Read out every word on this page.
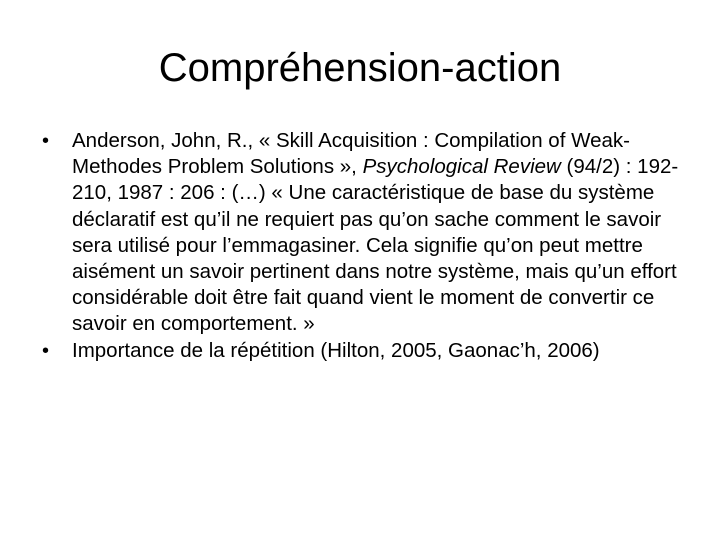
Compréhension-action
• Anderson, John, R., « Skill Acquisition : Compilation of Weak-Methodes Problem Solutions », Psychological Review (94/2) : 192-210, 1987 : 206 : (…) « Une caractéristique de base du système déclaratif est qu’il ne requiert pas qu’on sache comment le savoir sera utilisé pour l’emmagasiner. Cela signifie qu’on peut mettre aisément un savoir pertinent dans notre système, mais qu’un effort considérable doit être fait quand vient le moment de convertir ce savoir en comportement. »
• Importance de la répétition (Hilton, 2005, Gaonac’h, 2006)
